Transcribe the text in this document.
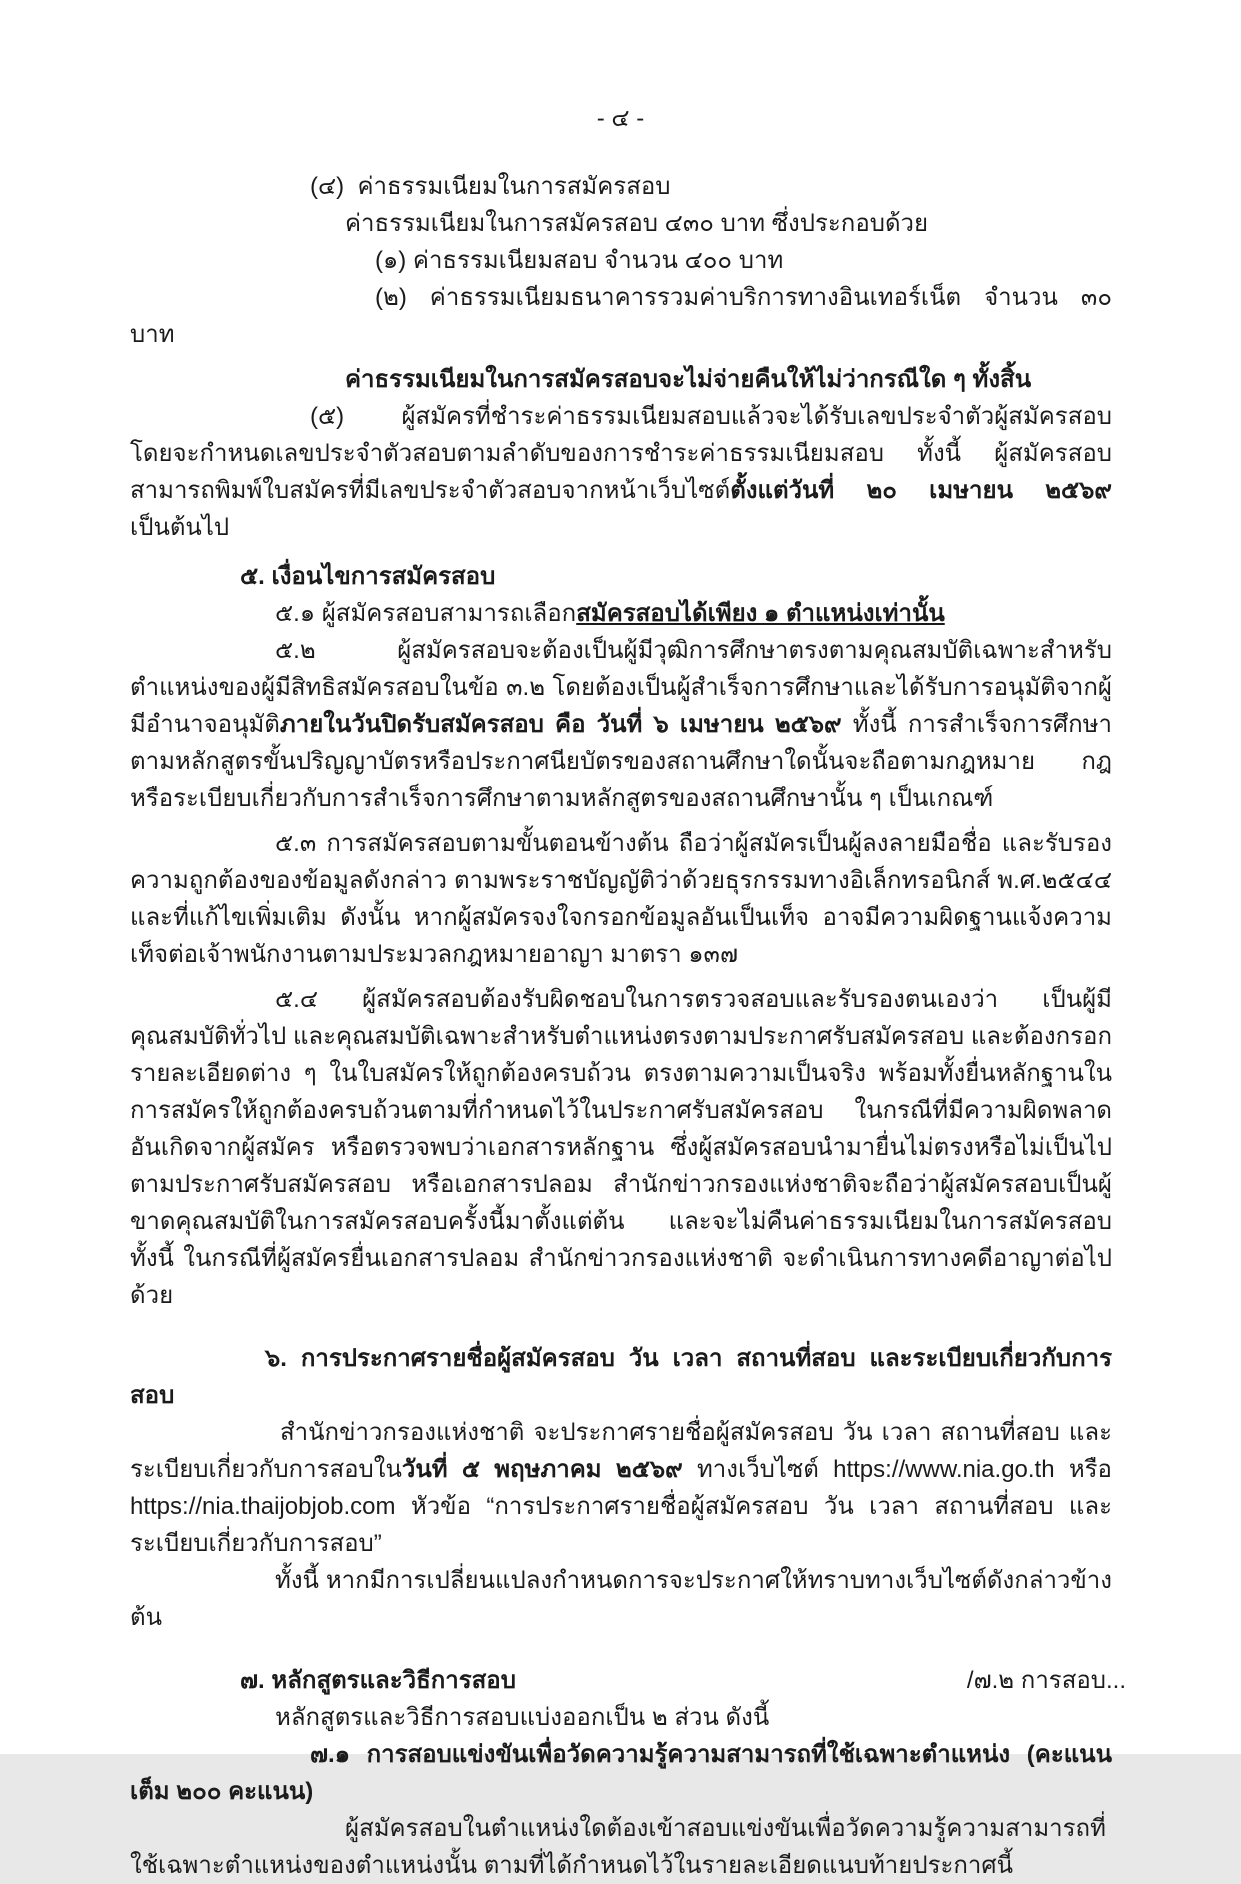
- ๔ -

(๔)  ค่าธรรมเนียมในการสมัครสอบ

ค่าธรรมเนียมในการสมัครสอบ ๔๓๐ บาท ซึ่งประกอบด้วย

(๑) ค่าธรรมเนียมสอบ จำนวน ๔๐๐ บาท

(๒) ค่าธรรมเนียมธนาคารรวมค่าบริการทางอินเทอร์เน็ต จำนวน ๓๐ บาท

ค่าธรรมเนียมในการสมัครสอบจะไม่จ่ายคืนให้ไม่ว่ากรณีใด ๆ ทั้งสิ้น

(๕)  ผู้สมัครที่ชำระค่าธรรมเนียมสอบแล้วจะได้รับเลขประจำตัวผู้สมัครสอบ โดยจะกำหนดเลขประจำตัวสอบตามลำดับของการชำระค่าธรรมเนียมสอบ ทั้งนี้ ผู้สมัครสอบสามารถพิมพ์ใบสมัครที่มีเลขประจำตัวสอบจากหน้าเว็บไซต์ตั้งแต่วันที่ ๒๐ เมษายน ๒๕๖๙ เป็นต้นไป

๕. เงื่อนไขการสมัครสอบ

๕.๑ ผู้สมัครสอบสามารถเลือกสมัครสอบได้เพียง ๑ ตำแหน่งเท่านั้น

๕.๒ ผู้สมัครสอบจะต้องเป็นผู้มีวุฒิการศึกษาตรงตามคุณสมบัติเฉพาะสำหรับตำแหน่งของผู้มีสิทธิสมัครสอบในข้อ ๓.๒ โดยต้องเป็นผู้สำเร็จการศึกษาและได้รับการอนุมัติจากผู้มีอำนาจอนุมัติภายในวันปิดรับสมัครสอบ คือ วันที่ ๖ เมษายน ๒๕๖๙ ทั้งนี้ การสำเร็จการศึกษาตามหลักสูตรขั้นปริญญาบัตรหรือประกาศนียบัตรของสถานศึกษาใดนั้นจะถือตามกฎหมาย กฎหรือระเบียบเกี่ยวกับการสำเร็จการศึกษาตามหลักสูตรของสถานศึกษานั้น ๆ เป็นเกณฑ์

๕.๓ การสมัครสอบตามขั้นตอนข้างต้น ถือว่าผู้สมัครเป็นผู้ลงลายมือชื่อ และรับรองความถูกต้องของข้อมูลดังกล่าว ตามพระราชบัญญัติว่าด้วยธุรกรรมทางอิเล็กทรอนิกส์ พ.ศ.๒๕๔๔ และที่แก้ไขเพิ่มเติม ดังนั้น หากผู้สมัครจงใจกรอกข้อมูลอันเป็นเท็จ อาจมีความผิดฐานแจ้งความเท็จต่อเจ้าพนักงานตามประมวลกฎหมายอาญา มาตรา ๑๓๗

๕.๔ ผู้สมัครสอบต้องรับผิดชอบในการตรวจสอบและรับรองตนเองว่า เป็นผู้มีคุณสมบัติทั่วไป และคุณสมบัติเฉพาะสำหรับตำแหน่งตรงตามประกาศรับสมัครสอบ และต้องกรอกรายละเอียดต่าง ๆ ในใบสมัครให้ถูกต้องครบถ้วน ตรงตามความเป็นจริง พร้อมทั้งยื่นหลักฐานในการสมัครให้ถูกต้องครบถ้วนตามที่กำหนดไว้ในประกาศรับสมัครสอบ ในกรณีที่มีความผิดพลาดอันเกิดจากผู้สมัคร หรือตรวจพบว่าเอกสารหลักฐาน ซึ่งผู้สมัครสอบนำมายื่นไม่ตรงหรือไม่เป็นไปตามประกาศรับสมัครสอบ หรือเอกสารปลอม สำนักข่าวกรองแห่งชาติจะถือว่าผู้สมัครสอบเป็นผู้ขาดคุณสมบัติในการสมัครสอบครั้งนี้มาตั้งแต่ต้น และจะไม่คืนค่าธรรมเนียมในการสมัครสอบ ทั้งนี้ ในกรณีที่ผู้สมัครยื่นเอกสารปลอม สำนักข่าวกรองแห่งชาติ จะดำเนินการทางคดีอาญาต่อไปด้วย

๖. การประกาศรายชื่อผู้สมัครสอบ วัน เวลา สถานที่สอบ และระเบียบเกี่ยวกับการสอบ

สำนักข่าวกรองแห่งชาติ จะประกาศรายชื่อผู้สมัครสอบ วัน เวลา สถานที่สอบ และระเบียบเกี่ยวกับการสอบในวันที่ ๕ พฤษภาคม ๒๕๖๙ ทางเว็บไซต์ https://www.nia.go.th หรือ https://nia.thaijobjob.com หัวข้อ “การประกาศรายชื่อผู้สมัครสอบ วัน เวลา สถานที่สอบ และระเบียบเกี่ยวกับการสอบ”

ทั้งนี้ หากมีการเปลี่ยนแปลงกำหนดการจะประกาศให้ทราบทางเว็บไซต์ดังกล่าวข้างต้น

๗. หลักสูตรและวิธีการสอบ

หลักสูตรและวิธีการสอบแบ่งออกเป็น ๒ ส่วน ดังนี้

๗.๑ การสอบแข่งขันเพื่อวัดความรู้ความสามารถที่ใช้เฉพาะตำแหน่ง (คะแนนเต็ม ๒๐๐ คะแนน)

ผู้สมัครสอบในตำแหน่งใดต้องเข้าสอบแข่งขันเพื่อวัดความรู้ความสามารถที่ใช้เฉพาะตำแหน่งของตำแหน่งนั้น ตามที่ได้กำหนดไว้ในรายละเอียดแนบท้ายประกาศนี้

/๗.๒ การสอบ...
